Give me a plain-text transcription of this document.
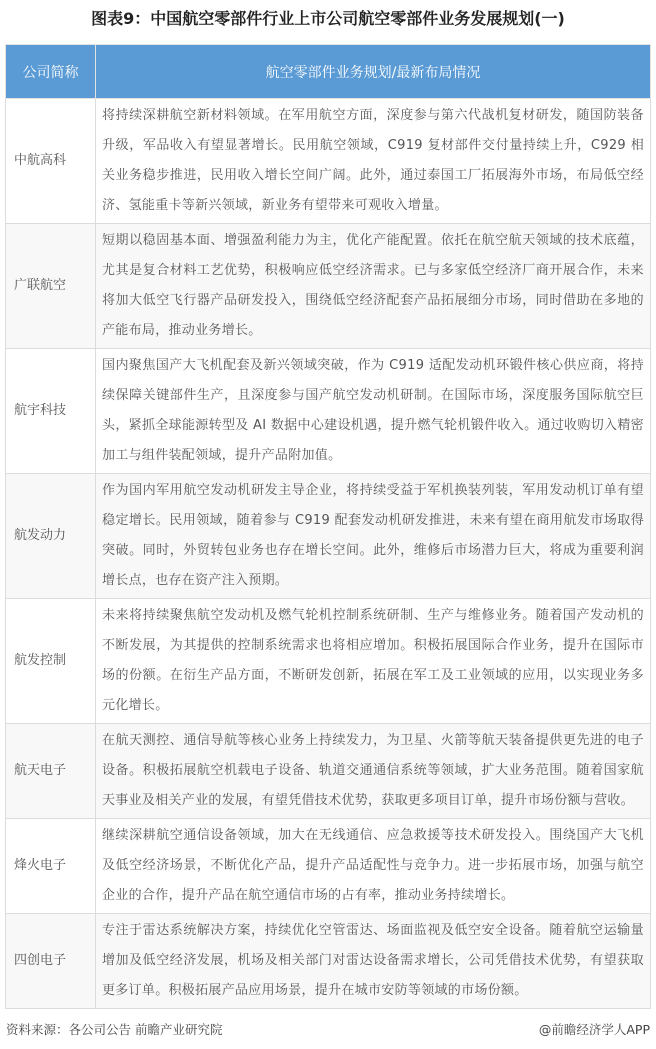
图表9：中国航空零部件行业上市公司航空零部件业务发展规划(一)
公司简称	航空零部件业务规划/最新布局情况
中航高科	将持续深耕航空新材料领域。在军用航空方面，深度参与第六代战机复材研发，随国防装备升级，军品收入有望显著增长。民用航空领域，C919 复材部件交付量持续上升，C929 相关业务稳步推进，民用收入增长空间广阔。此外，通过泰国工厂拓展海外市场，布局低空经济、氢能重卡等新兴领域，新业务有望带来可观收入增量。
广联航空	短期以稳固基本面、增强盈利能力为主，优化产能配置。依托在航空航天领域的技术底蕴，尤其是复合材料工艺优势，积极响应低空经济需求。已与多家低空经济厂商开展合作，未来将加大低空飞行器产品研发投入，围绕低空经济配套产品拓展细分市场，同时借助在多地的产能布局，推动业务增长。
航宇科技	国内聚焦国产大飞机配套及新兴领域突破，作为 C919 适配发动机环锻件核心供应商，将持续保障关键部件生产，且深度参与国产航空发动机研制。在国际市场，深度服务国际航空巨头，紧抓全球能源转型及 AI 数据中心建设机遇，提升燃气轮机锻件收入。通过收购切入精密加工与组件装配领域，提升产品附加值。
航发动力	作为国内军用航空发动机研发主导企业，将持续受益于军机换装列装，军用发动机订单有望稳定增长。民用领域，随着参与 C919 配套发动机研发推进，未来有望在商用航发市场取得突破。同时，外贸转包业务也存在增长空间。此外，维修后市场潜力巨大，将成为重要利润增长点，也存在资产注入预期。
航发控制	未来将持续聚焦航空发动机及燃气轮机控制系统研制、生产与维修业务。随着国产发动机的不断发展，为其提供的控制系统需求也将相应增加。积极拓展国际合作业务，提升在国际市场的份额。在衍生产品方面，不断研发创新，拓展在军工及工业领域的应用，以实现业务多元化增长。
航天电子	在航天测控、通信导航等核心业务上持续发力，为卫星、火箭等航天装备提供更先进的电子设备。积极拓展航空机载电子设备、轨道交通通信系统等领域，扩大业务范围。随着国家航天事业及相关产业的发展，有望凭借技术优势，获取更多项目订单，提升市场份额与营收。
烽火电子	继续深耕航空通信设备领域，加大在无线通信、应急救援等技术研发投入。围绕国产大飞机及低空经济场景，不断优化产品，提升产品适配性与竞争力。进一步拓展市场，加强与航空企业的合作，提升产品在航空通信市场的占有率，推动业务持续增长。
四创电子	专注于雷达系统解决方案，持续优化空管雷达、场面监视及低空安全设备。随着航空运输量增加及低空经济发展，机场及相关部门对雷达设备需求增长，公司凭借技术优势，有望获取更多订单。积极拓展产品应用场景，提升在城市安防等领域的市场份额。
资料来源：各公司公告 前瞻产业研究院	@前瞻经济学人APP
